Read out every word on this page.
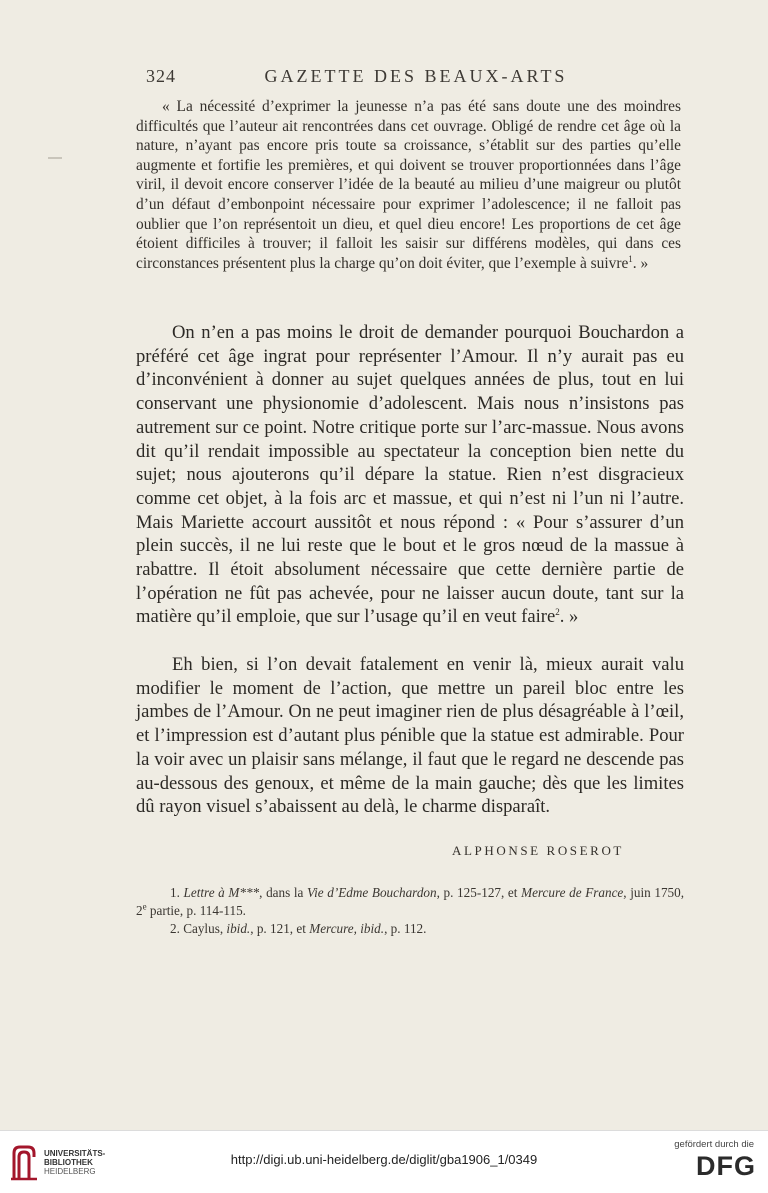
324	GAZETTE DES BEAUX-ARTS

« La nécessité d’exprimer la jeunesse n’a pas été sans doute une des moindres difficultés que l’auteur ait rencontrées dans cet ouvrage. Obligé de rendre cet âge où la nature, n’ayant pas encore pris toute sa croissance, s’établit sur des parties qu’elle augmente et fortifie les premières, et qui doivent se trouver proportionnées dans l’âge viril, il devoit encore conserver l’idée de la beauté au milieu d’une maigreur ou plutôt d’un défaut d’embonpoint nécessaire pour exprimer l’adolescence; il ne falloit pas oublier que l’on représentoit un dieu, et quel dieu encore! Les proportions de cet âge étoient difficiles à trouver; il falloit les saisir sur différens modèles, qui dans ces circonstances présentent plus la charge qu’on doit éviter, que l’exemple à suivre$^1$. »

On n’en a pas moins le droit de demander pourquoi Bouchardon a préféré cet âge ingrat pour représenter l’Amour. Il n’y aurait pas eu d’inconvénient à donner au sujet quelques années de plus, tout en lui conservant une physionomie d’adolescent. Mais nous n’insistons pas autrement sur ce point. Notre critique porte sur l’arc-massue. Nous avons dit qu’il rendait impossible au spectateur la conception bien nette du sujet; nous ajouterons qu’il dépare la statue. Rien n’est disgracieux comme cet objet, à la fois arc et massue, et qui n’est ni l’un ni l’autre. Mais Mariette accourt aussitôt et nous répond : « Pour s’assurer d’un plein succès, il ne lui reste que le bout et le gros nœud de la massue à rabattre. Il étoit absolument nécessaire que cette dernière partie de l’opération ne fût pas achevée, pour ne laisser aucun doute, tant sur la matière qu’il emploie, que sur l’usage qu’il en veut faire$^2$. »

Eh bien, si l’on devait fatalement en venir là, mieux aurait valu modifier le moment de l’action, que mettre un pareil bloc entre les jambes de l’Amour. On ne peut imaginer rien de plus désagréable à l’œil, et l’impression est d’autant plus pénible que la statue est admirable. Pour la voir avec un plaisir sans mélange, il faut que le regard ne descende pas au-dessous des genoux, et même de la main gauche; dès que les limites dû rayon visuel s’abaissent au delà, le charme disparaît.

ALPHONSE ROSEROT

1. Lettre à M***, dans la Vie d’Edme Bouchardon, p. 125-127, et Mercure de France, juin 1750, 2e partie, p. 114-115.

2. Caylus, ibid., p. 121, et Mercure, ibid., p. 112.

UNIVERSITÄTS-
BIBLIOTHEK
HEIDELBERG
http://digi.ub.uni-heidelberg.de/diglit/gba1906_1/0349
gefördert durch die
DFG
